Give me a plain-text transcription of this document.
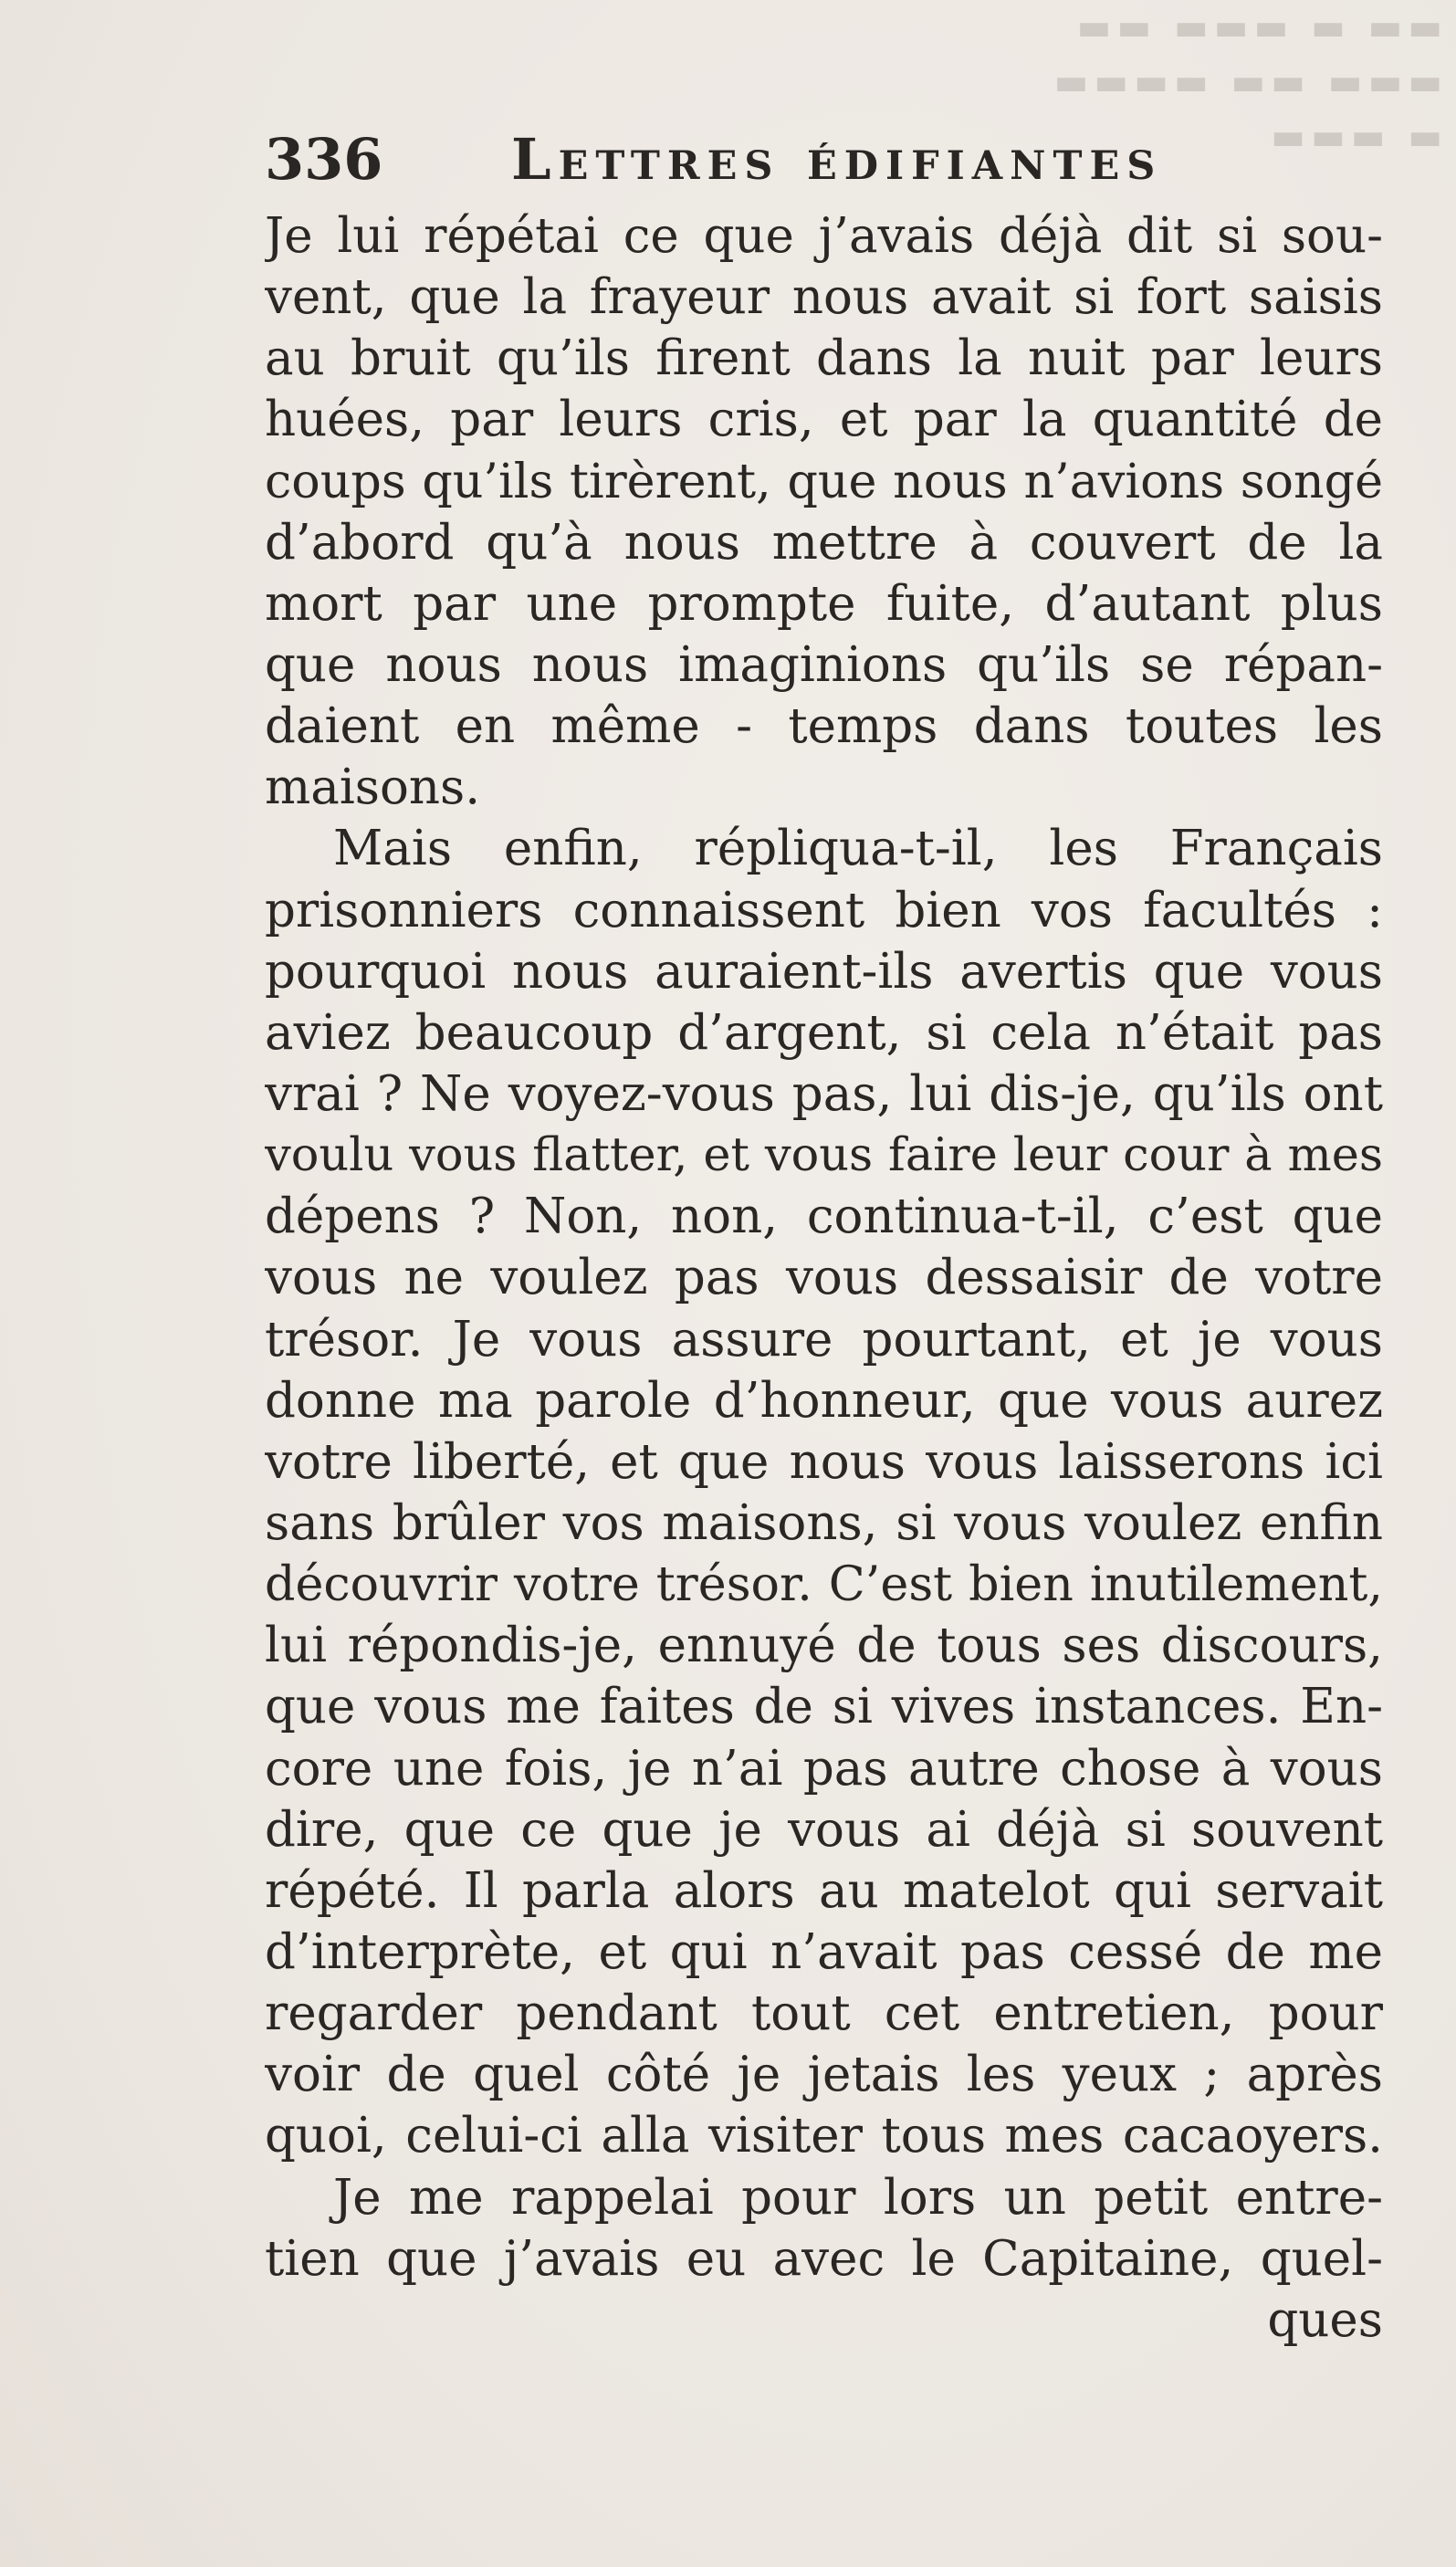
▬▬ ▬ ▬▬▬ ▬▬
▬▬▬ ▬▬ ▬▬▬▬
▬ ▬▬▬
336 Lettres édifiantes
Je lui répétai ce que j’avais déjà dit si sou-
vent, que la frayeur nous avait si fort saisis
au bruit qu’ils firent dans la nuit par leurs
huées, par leurs cris, et par la quantité de
coups qu’ils tirèrent, que nous n’avions songé
d’abord qu’à nous mettre à couvert de la
mort par une prompte fuite, d’autant plus
que nous nous imaginions qu’ils se répan-
daient en même - temps dans toutes les
maisons.
Mais enfin, répliqua-t-il, les Français
prisonniers connaissent bien vos facultés :
pourquoi nous auraient-ils avertis que vous
aviez beaucoup d’argent, si cela n’était pas
vrai ? Ne voyez-vous pas, lui dis-je, qu’ils ont
voulu vous flatter, et vous faire leur cour à mes
dépens ? Non, non, continua-t-il, c’est que
vous ne voulez pas vous dessaisir de votre
trésor. Je vous assure pourtant, et je vous
donne ma parole d’honneur, que vous aurez
votre liberté, et que nous vous laisserons ici
sans brûler vos maisons, si vous voulez enfin
découvrir votre trésor. C’est bien inutilement,
lui répondis-je, ennuyé de tous ses discours,
que vous me faites de si vives instances. En-
core une fois, je n’ai pas autre chose à vous
dire, que ce que je vous ai déjà si souvent
répété. Il parla alors au matelot qui servait
d’interprète, et qui n’avait pas cessé de me
regarder pendant tout cet entretien, pour
voir de quel côté je jetais les yeux ; après
quoi, celui-ci alla visiter tous mes cacaoyers.
Je me rappelai pour lors un petit entre-
tien que j’avais eu avec le Capitaine, quel-
ques
